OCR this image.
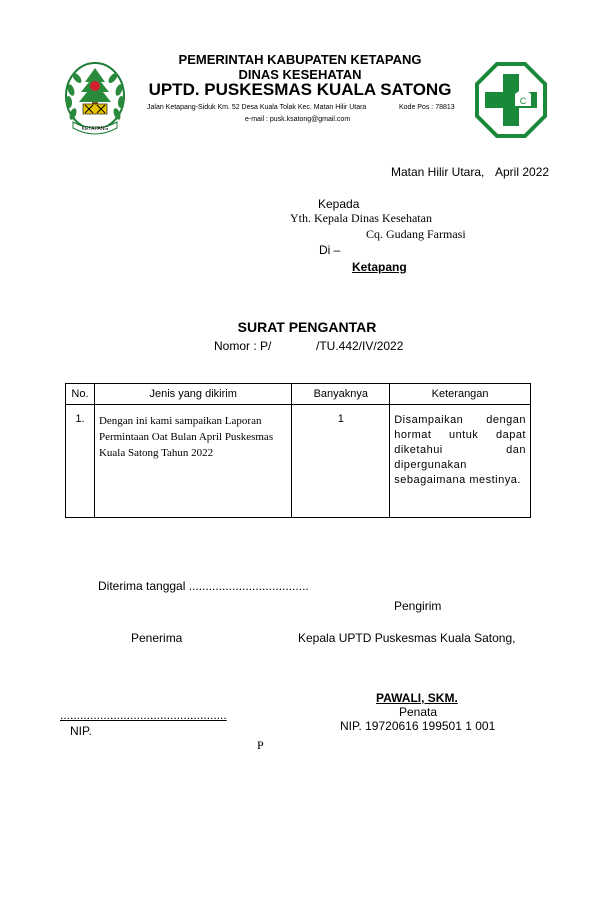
KETAPANG
C
PEMERINTAH KABUPATEN KETAPANG
DINAS KESEHATAN
UPTD. PUSKESMAS KUALA SATONG
Jalan Ketapang-Siduk Km. 52 Desa Kuala Tolak Kec. Matan Hilir Utara	Kode Pos : 78813
e-mail : pusk.ksatong@gmail.com
Matan Hilir Utara, April 2022
Kepada
Yth. Kepala Dinas Kesehatan
Cq. Gudang Farmasi
Di –
Ketapang
SURAT PENGANTAR
Nomor : P/	/TU.442/IV/2022
No.	Jenis yang dikirim	Banyaknya	Keterangan
1.	Dengan ini kami sampaikan Laporan Permintaan Oat Bulan April Puskesmas Kuala Satong Tahun 2022	1	Disampaikan dengan hormat untuk dapat diketahui dan dipergunakan sebagaimana mestinya.
Diterima tanggal ....................................
Pengirim
Penerima	Kepala UPTD Puskesmas Kuala Satong,
PAWALI, SKM.
Penata
NIP. 19720616 199501 1 001
..................................................
NIP.
P
